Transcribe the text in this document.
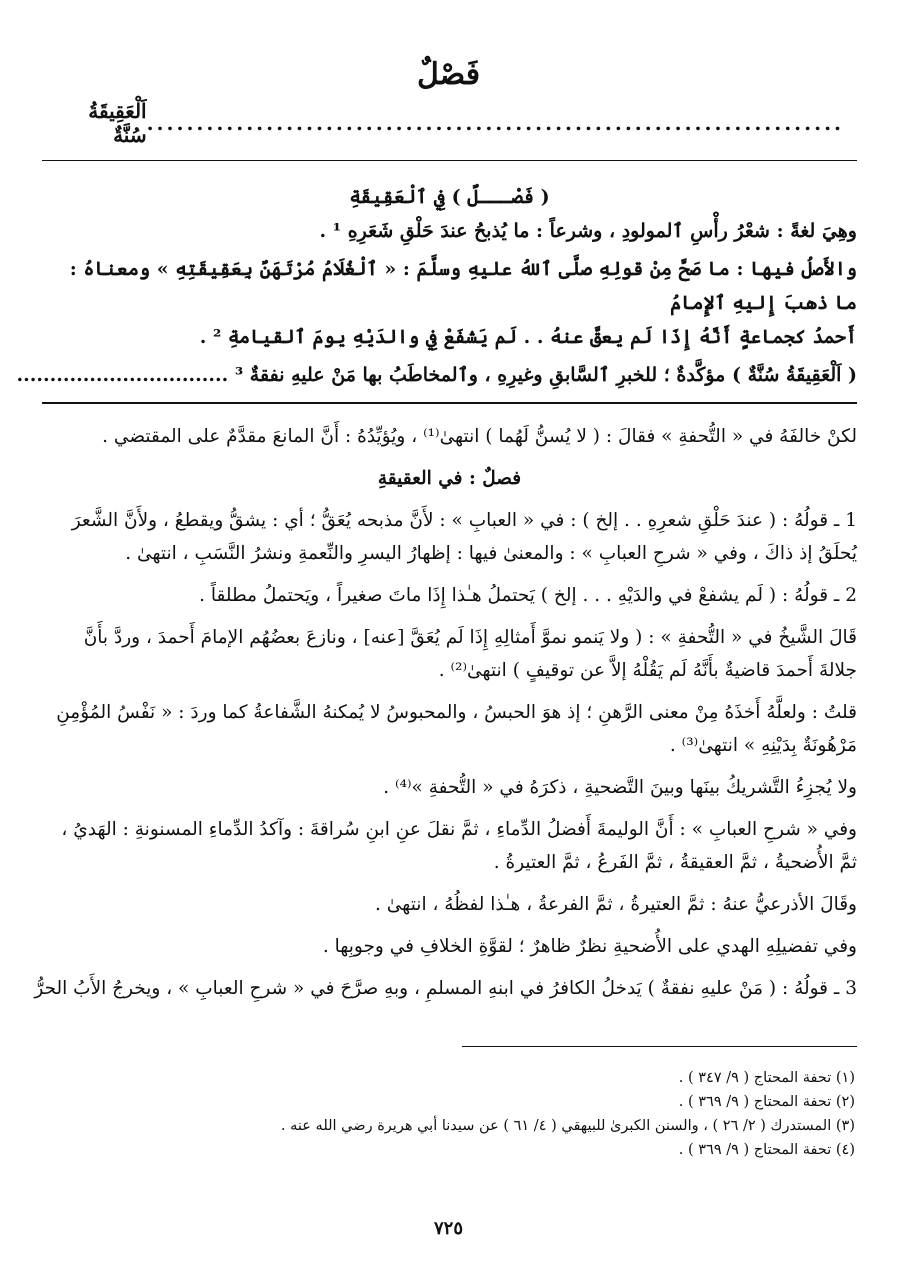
فَصْلٌ
اَلْعَقِيقَةُ سُنَّةٌ ......................................................................

( فَصْـــلٌ ) فِي ٱلْعَقِيقَةِ

وهِيَ لغةً : شعْرُ رأْسِ ٱلمولودِ ، وشرعاً : ما يُذبحُ عندَ حَلْقِ شَعَرِهِ ¹ .

والأَصلُ فيها : ما صَحَّ مِنْ قولِهِ صلَّى ٱللهُ عليهِ وسلَّمَ : « ٱلْغُلَامُ مُرْتَهَنٌ بِعَقِيقَتِهِ » ومعناهُ : ما ذهبَ إِليهِ ٱلإِمامُ

أَحمدُ كجماعةٍ أَنَّهُ إِذَا لَم يعقَّ عنهُ . . لَم يَشفَعْ فِي والدَيْهِ يومَ ٱلقيامةِ ² .

( اَلْعَقِيقَةُ سُنَّةٌ ) مؤكَّدةٌ ؛ للخبرِ ٱلسَّابقِ وغيرِهِ ، وٱلمخاطَبُ بها مَنْ عليهِ نفقةٌ ³ ................................

لكنْ خالفَهُ في « التُّحفةِ » فقالَ : ( لا يُسنُّ لَهُما ) انتهىٰ⁽¹⁾ ، ويُؤيِّدُهُ : أَنَّ المانعَ مقدَّمٌ على المقتضي .

فصلٌ : في العقيقةِ

1 ـ قولُهُ : ( عندَ حَلْقِ شعرِهِ . . إلخ ) : في « العبابِ » : لأَنَّ مذبحه يُعَقُّ ؛ أي : يشقُّ ويقطعُ ، ولأَنَّ الشَّعرَ يُحلَقُ إذ ذاكَ ، وفي « شرحِ العبابِ » : والمعنىٰ فيها : إظهارُ اليسرِ والنِّعمةِ ونشرُ النَّسَبِ ، انتهىٰ .

2 ـ قولُهُ : ( لَم يشفعْ في والدَيْهِ . . . إلخ ) يَحتملُ هـٰذا إِذَا ماتَ صغيراً ، ويَحتملُ مطلقاً .

قَالَ الشَّيخُ في « التُّحفةِ » : ( ولا يَنمو نموَّ أَمثالِهِ إِذَا لَم يُعَقَّ [عنه] ، ونازعَ بعضُهُم الإمامَ أَحمدَ ، وردَّ بأَنَّ جلالةَ أَحمدَ قاضيةٌ بأَنَّهُ لَم يَقُلْهُ إلاَّ عن توقيفٍ ) انتهىٰ⁽²⁾ .

قلتُ : ولعلَّهُ أَخذَهُ مِنْ معنى الرَّهنِ ؛ إذ هوَ الحبسُ ، والمحبوسُ لا يُمكنهُ الشَّفاعةُ كما وردَ : « نَفْسُ المُؤْمِنِ مَرْهُونَةٌ بِدَيْنِهِ » انتهىٰ⁽³⁾ .

ولا يُجزِءُ التَّشريكُ بينَها وبينَ التَّضحيةِ ، ذكرَهُ في « التُّحفةِ »⁽⁴⁾ .

وفي « شرحِ العبابِ » : أَنَّ الوليمةَ أَفضلُ الدِّماءِ ، ثمَّ نقلَ عنِ ابنِ سُراقةَ : وآكدُ الدِّماءِ المسنونةِ : الهَديُ ، ثمَّ الأُضحيةُ ، ثمَّ العقيقةُ ، ثمَّ الفَرعُ ، ثمَّ العتيرةُ .

وقَالَ الأذرعيُّ عنهُ : ثمَّ العتيرةُ ، ثمَّ الفرعةُ ، هـٰذا لفظُهُ ، انتهىٰ .

وفي تفضيلِهِ الهدي على الأُضحيةِ نظرٌ ظاهرٌ ؛ لقوَّةِ الخلافِ في وجوبِها .

3 ـ قولُهُ : ( مَنْ عليهِ نفقةٌ ) يَدخلُ الكافرُ في ابنهِ المسلمِ ، وبهِ صرَّحَ في « شرحِ العبابِ » ، ويخرجُ الأَبُ الحرُّ

(١) تحفة المحتاج ( ٩/ ٣٤٧ ) .

(٢) تحفة المحتاج ( ٩/ ٣٦٩ ) .

(٣) المستدرك ( ٢/ ٢٦ ) ، والسنن الكبرىٰ للبيهقي ( ٤/ ٦١ ) عن سيدنا أبي هريرة رضي الله عنه .

(٤) تحفة المحتاج ( ٩/ ٣٦٩ ) .

٧٢٥
